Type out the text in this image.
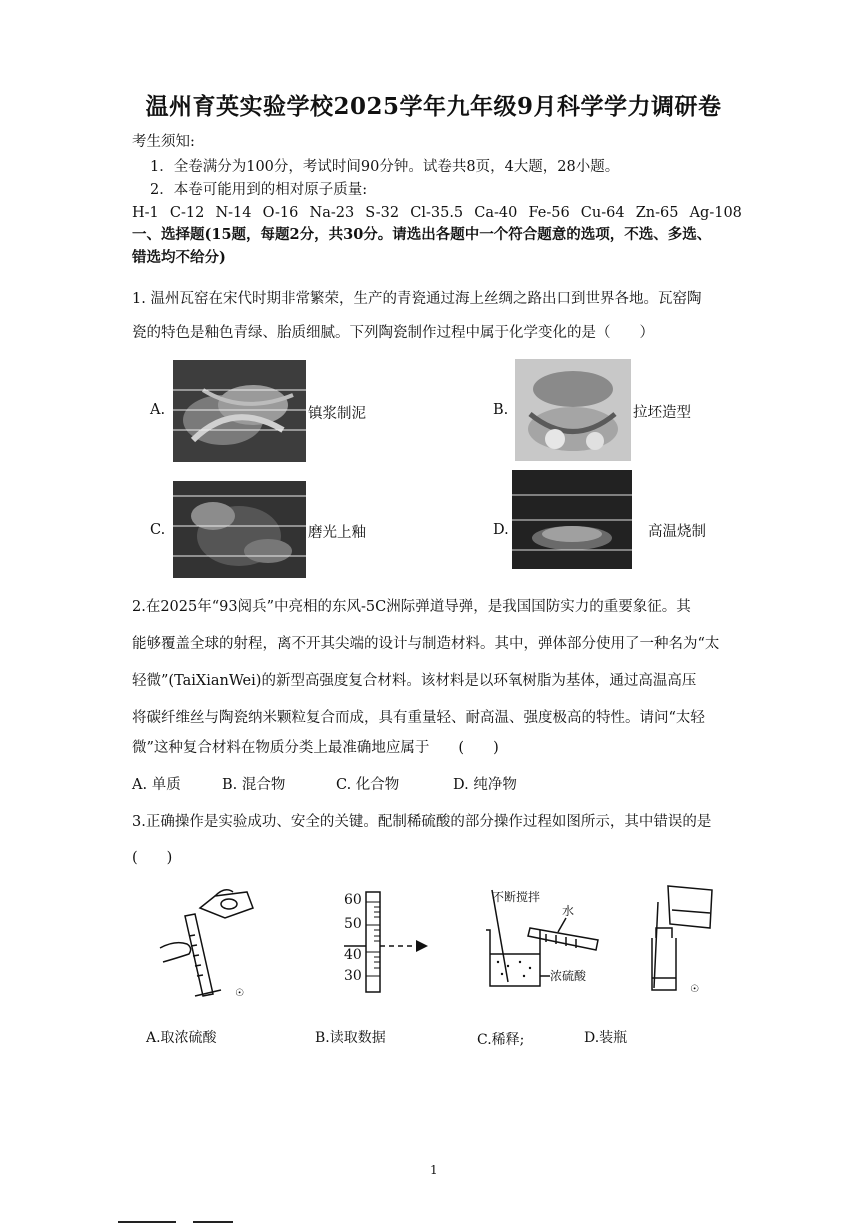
温州育英实验学校2025学年九年级9月科学学力调研卷
考生须知:
1．全卷满分为100分，考试时间90分钟。试卷共8页，4大题，28小题。
2．本卷可能用到的相对原子质量:
H-1 C-12 N-14 O-16 Na-23 S-32 Cl-35.5 Ca-40 Fe-56 Cu-64 Zn-65 Ag-108
一、选择题(15题，每题2分，共30分。请选出各题中一个符合题意的选项，不选、多选、
错选均不给分)
1. 温州瓦窑在宋代时期非常繁荣，生产的青瓷通过海上丝绸之路出口到世界各地。瓦窑陶
瓷的特色是釉色青绿、胎质细腻。下列陶瓷制作过程中属于化学变化的是（　　）
A.	镇浆制泥	B.	拉坯造型
C.	磨光上釉	D.	高温烧制
2.在2025年“93阅兵”中亮相的东风-5C洲际弹道导弹，是我国国防实力的重要象征。其
能够覆盖全球的射程，离不开其尖端的设计与制造材料。其中，弹体部分使用了一种名为“太
轻微”(TaiXianWei)的新型高强度复合材料。该材料是以环氧树脂为基体，通过高温高压
将碳纤维丝与陶瓷纳米颗粒复合而成，具有重量轻、耐高温、强度极高的特性。请问“太轻
微”这种复合材料在物质分类上最准确地应属于　　(　　)
A. 单质	B. 混合物	C. 化合物	D. 纯净物
3.正确操作是实验成功、安全的关键。配制稀硫酸的部分操作过程如图所示，其中错误的是
(　　)
☉
60
50
40
30
不断搅拌
水
浓硫酸
☉
A.取浓硫酸	B.读取数据	C.稀释;	D.装瓶
1
